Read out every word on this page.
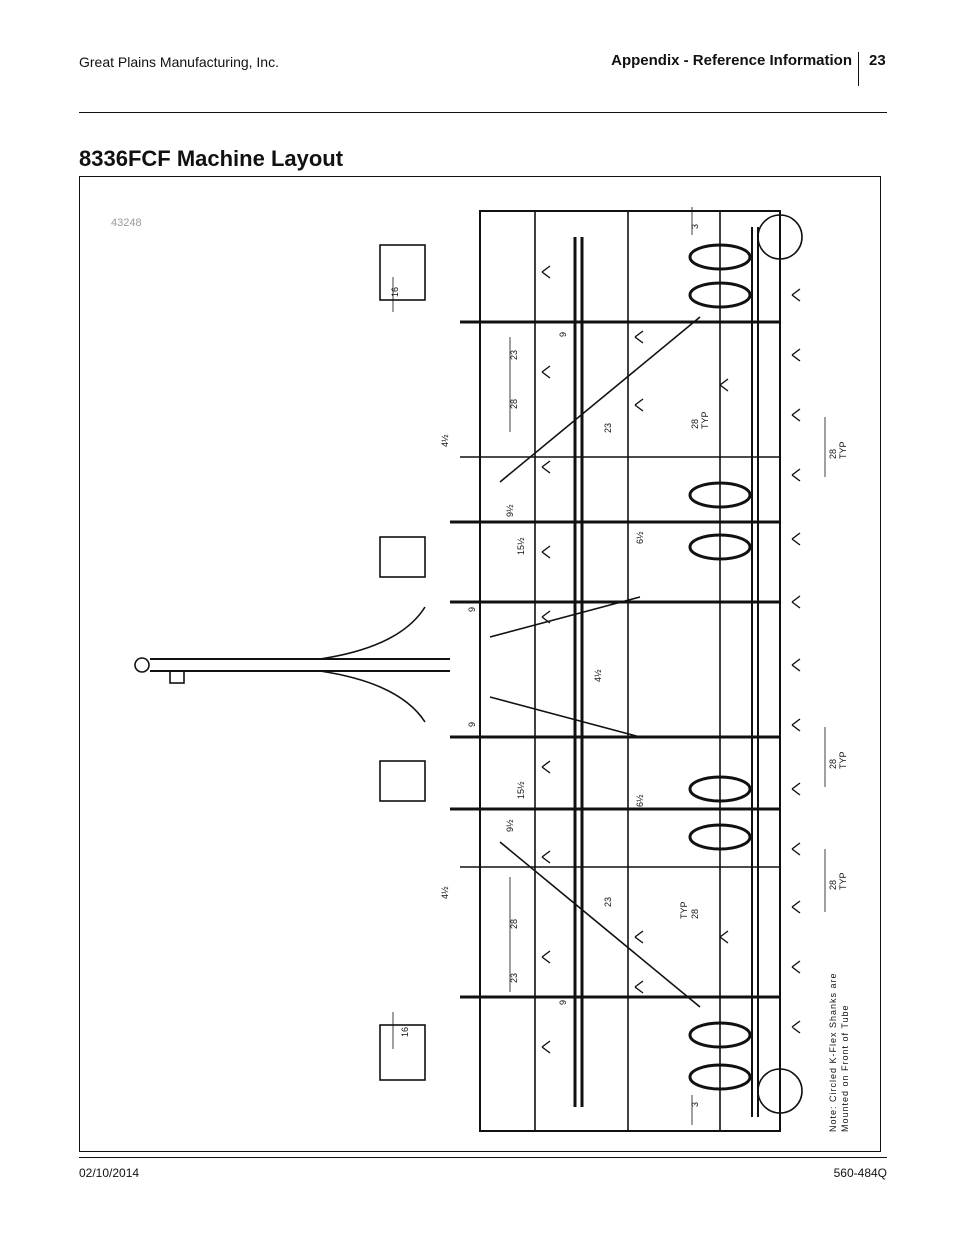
Great Plains Manufacturing, Inc.	Appendix - Reference Information 23
8336FCF Machine Layout
43248
16
16
23
28
28
23
9
9
9
9
4½
4½
4½
9½
9½
15½
15½
23
23
6½
6½
28 TYP
TYP 28
28 TYP
28 TYP
28 TYP
3
3	Note: Circled K-Flex Shanks are Mounted on Front of Tube
02/10/2014	560-484Q
